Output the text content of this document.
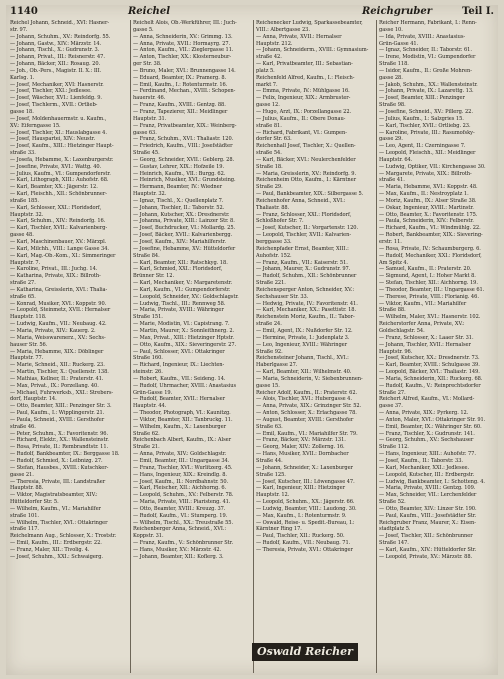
1140	Reichel	Reichgruber	Teil I.

Reichel Johann, Schneid., XVI: Hasner-

str. 97.

— Johann, Schuhm., XV.: Reindorfg. 55.

— Johann, Gastw., XIV.: Märzstr. 14.

— Johann, Tischl., X.: Gudrunstr. 3.

— Johann, Privat., III.: Reisnerstr. 47.

— Johann, Bäcker, XII.: Rosaug. 20.

— Joh., Ob.-Pers., Magistr. II. X.: III.

Karlsg. 1.

— Josef, Mechaniker, XVI: Hasnerstr.

— Josef, Tischler, XXI.: Jedlesee.

— Josef, Wäscher, XVI.: Lienfeldg. 9.

— Josef, Tischlerm., XVII.: Ortlieb-

gasse 18.

— Josef, Moldenhauermstr. u. Kaufm.,

XV.: Eiferngasse 15.

— Josef, Tischler, XI.: Hauslabgasse 4.

— Josef, Hauspartei, XIV.: Neustr.

— Josef, Kaufm., XIII.: Hietzinger Haupt-

straße 33.

— Josefa, Hebamme, X.: Laxenburgerstr.

— Josefine, Private, XVI.: Wattg. 40.

— Julius, Kaufm., VI.: Gumpendorferstr.

— Karl, Lithograph, XIII.: Auhofstr. 68.

— Karl, Beamter, XX.: Jägerstr. 12.

— Karl, Fleischh., XII.: Schönbrunner-

straße 185.

— Karl, Schlosser, XXI.: Floridsdorf,

Hauptstr. 32.

— Karl, Schuhm., XIV.: Reindorfg. 16.

— Karl, Tischler, XVII.: Kalvarienberg-

gasse 48.

— Karl, Maschinenbauer, XV.: Märzpl.

— Karl, Milchh., VIII.: Lange Gasse 34.

— Karl, Mag.-Ob.-Kom., XI.: Simmeringer

Hauptstr. 7.

— Karoline, Privat., III.: Juchg. 14.

— Katharina, Private, XIX.: Billroth-

straße 27.

— Katharina, Greisslerin, XVI.: Thalia-

straße 65.

— Konrad, Musiker, XVI.: Koppstr. 90.

— Leopold, Steinmetz, XVII.: Hernalser

Hauptstr. 118.

— Ludwig, Kaufm., VII.: Neubaug. 42.

— Maria, Private, XIV.: Kauerg. 2.

— Maria, Weisswarenerz., XV.: Sechs-

hauser Str. 56.

— Maria, Hebamme, XIX.: Döblinger

Hauptstr. 77.

— Marie, Schneid., XII.: Ruckerg. 23.

— Martin, Tischler, X.: Quellenstr. 138.

— Mathias, Kellner, II.: Praterstr. 41.

— Max, Privat., IX.: Porzellang. 40.

— Michael, Fuhrwerksb., XXI.: Strebers-

dorf, Hauptstr. 14.

— Otto, Beamter, XIII.: Penzinger Str. 3.

— Paul, Kaufm., I.: Wipplingerstr. 21.

— Paula, Schneid., XVIII.: Gersthofer

straße 46.

— Peter, Schuhm., X.: Favoritenstr. 96.

— Richard, Elektr., XX.: Wallensteinstr.

— Rosa, Private, II.: Rembrandtstr. 11.

— Rudolf, Bankbeamter, IX.: Berggasse 18.

— Rudolf, Schmied, X.: Leibnizg. 27.

— Stefan, Hausbes., XVIII.: Kutschker-

gasse 21.

— Theresia, Private, III.: Landstraßer

Hauptstr. 88.

— Viktor, Magistratsbeamter, XIV.:

Hütteldorfer Str. 5.

— Wilhelm, Kaufm., VI.: Mariahilfer

straße 101.

— Wilhelm, Tischler, XVI.: Ottakringer

straße 117.

Reichelmann Aug., Schlosser, X.: Troststr.

— Emil, Kaufm., III.: Erdbergstr. 22.

— Franz, Maler, XII.: Tivolig. 4.

— Josef, Schuhm., XXI.: Schwaigerg.

Reichelt Alois, Ob.-Werkführer, III.: Juch-

gasse 5.

— Anna, Schneiderin, XV.: Grimmg. 13.

— Anna, Private, XVII.: Hormayrg. 27.

— Anton, Kaufm., VII.: Zieglergasse 11.

— Anton, Tischler, XX.: Klosterneubur-

ger Str. 38.

— Bruno, Maler, XVI.: Brunnengasse 14.

— Eduard, Beamter, IX.: Pramerg. 8.

— Emil, Kaufm., I.: Rotenturmstr. 16.

— Ferdinand, Mechan., XVIII.: Schopen-

hauerstr. 46.

— Franz, Kaufm., XVIII.: Gentzg. 88.

— Franz, Tapezierer, XII.: Meidlinger

Hauptstr. 31.

— Franz, Privatbeamter, XIX.: Weinberg-

gasse 63.

— Franz, Schuhm., XVI.: Thaliastr. 120.

— Friedrich, Kaufm., VIII.: Josefstädter

Straße 45.

— Georg, Schneider, XVII.: Geblerg. 28.

— Gustav, Lehrer, XIX.: Hofzeile 19.

— Heinrich, Kaufm., VII.: Burgg. 62.

— Heinrich, Musiker, XVI.: Grundsteing.

— Hermann, Beamter, IV.: Wiedner

Hauptstr. 32.

— Ignaz, Tischl., X.: Quellenplatz 7.

— Johann, Tischler, II.: Taborstr. 52.

— Johann, Kutscher, XX.: Dresdnerstr.

— Johanna, Private, XIII.: Lainzer Str. 8.

— Josef, Buchdrucker, VI.: Mollardg. 25.

— Josef, Bäcker, XVII.: Kalvarienbergg.

— Josef, Kaufm., XIV.: Mariahilferstr.

— Josefine, Hebamme, XV.: Hütteldorfer

Straße 84.

— Karl, Beamter, XII.: Ratschkyg. 18.

— Karl, Schmied, XXI.: Floridsdorf,

Brünner Str. 12.

— Karl, Mechaniker, V.: Margaretenstr.

— Karl, Kaufm., VI.: Gumpendorferstr.

— Leopold, Schneider, XV.: Goldschlagstr.

— Ludwig, Tischl., III.: Rennweg 58.

— Maria, Private, XVIII.: Währinger

Straße 151.

— Marie, Modistin, VI.: Capistrang. 7.

— Martin, Maurer, X.: Sonnleithnerg. 2.

— Max, Privat., XIII.: Hietzinger Hptstr.

— Otto, Kaufm., XIX.: Sieveringerstr. 27.

— Paul, Schlosser, XVI.: Ottakringer

Straße 160.

— Richard, Ingenieur, IX.: Liechten-

steinstr. 26.

— Robert, Kaufm., VII.: Seideng. 14.

— Rudolf, Uhrmacher, XVIII.: Anastasius

Grün-Gasse 19.

— Rudolf, Beamter, XVII.: Hernalser

Hauptstr. 44.

— Theodor, Photograph, VI.: Kaunitzg.

— Viktor, Beamter, XII.: Tanbruckg. 11.

— Wilhelm, Kaufm., X.: Laxenburger

Straße 62.

Reichenbach Albert, Kaufm., IX.: Alser

Straße 21.

— Anna, Private, XIV.: Goldschlagstr.

— Emil, Beamter, III.: Ungargasse 34.

— Franz, Tischler, XVI.: Wurlitzerg. 45.

— Hans, Ingenieur, XIX.: Kreindlg. 8.

— Josef, Kaufm., II.: Nordbahnstr. 50.

— Karl, Fleischer, XII.: Aichhorng. 6.

— Leopold, Schuhm., XV.: Felberstr. 78.

— Maria, Private, VIII.: Piaristeng. 41.

— Otto, Beamter, XVIII.: Kreuzg. 37.

— Rudolf, Kaufm., VI.: Stumperg. 19.

— Wilhelm, Tischl., XX.: Treustraße 55.

Reichenberger Anna, Schneid., XVI.:

Koppstr. 31.

— Franz, Kaufm., V.: Schönbrunner Str.

— Hans, Musiker, XV.: Märzstr. 42.

— Johann, Beamter, XII.: Koflerg. 3.

Reichenecker Ludwig, Sparkassebeamter,

VIII.: Albertgasse 23.

— Anna, Private, XVII.: Hernalser

Hauptstr. 212.

— Johann, Schneiderm., XVIII.: Gymnasium-

straße 42.

— Karl, Privatbeamter, III.: Sebastian-

platz 5.

Reichenfeld Alfred, Kaufm., I.: Fleisch-

markt 7.

— Emma, Private, IV.: Mühlgasse 16.

— Felix, Ingenieur, XIX.: Armbruster-

gasse 12.

— Hugo, Arzt, IX.: Porzellangasse 22.

— Julius, Kaufm., II.: Obere Donau-

straße 81.

— Richard, Fabrikant, VI.: Gumpen-

dorfer Str. 63.

Reichenhall Josef, Tischler, X.: Quellen-

straße 54.

— Karl, Bäcker, XVI.: Neulerchenfelder

Straße 18.

— Maria, Greisslerin, XV.: Reindorfg. 9.

Reichenheim Otto, Kaufm., I.: Kärntner

Straße 29.

— Paul, Bankbeamter, XIX.: Silbergasse 5.

Reichenhofer Anna, Schneid., XVI.:

Thaliastr. 88.

— Franz, Schlosser, XXI.: Floridsdorf,

Schloßhofer Str. 7.

— Josef, Kutscher, II.: Vorgartenstr. 120.

— Leopold, Tischler, XVII.: Kalvarien-

berggasse 33.

Reichenpfader Ernst, Beamter, XIII.:

Auhofstr. 152.

— Franz, Kaufm., VII.: Kaiserstr. 51.

— Johann, Maurer, X.: Gudrunstr. 97.

— Rudolf, Schuhm., XII.: Schönbrunner

Straße 221.

Reichensperger Anton, Schneider, XV.:

Sechshauser Str. 33.

— Hedwig, Private, IV.: Favoritenstr. 41.

— Karl, Mechaniker, XX.: Pasettistr. 18.

Reichenstein Moriz, Kaufm., II.: Tabor-

straße 24.

— Emil, Agent, IX.: Nußdorfer Str. 12.

— Hermine, Private, I.: Judenplatz 3.

— Leo, Ingenieur, XVIII.: Währinger

Straße 92.

Reichensteiner Johann, Tischl., XVI.:

Haberlgasse 27.

— Karl, Beamter, XII.: Wilhelmstr. 40.

— Maria, Schneiderin, V.: Siebenbrunnen-

gasse 15.

Reicher Adolf, Kaufm., II.: Praterstr. 62.

— Alois, Tischler, XVI.: Hubergasse 4.

— Anna, Private, XIX.: Grinzinger Str. 52.

— Anton, Schlosser, X.: Erlachgasse 78.

— August, Beamter, XVIII.: Gersthofer

Straße 63.

— Emil, Kaufm., VI.: Mariahilfer Str. 79.

— Franz, Bäcker, XV.: Märzstr. 131.

— Georg, Maler, XIV.: Zollerng. 16.

— Hans, Musiker, XVII.: Dornbacher

Straße 44.

— Johann, Schneider, X.: Laxenburger

Straße 125.

— Josef, Kutscher, III.: Löwengasse 47.

— Karl, Ingenieur, XIII.: Hietzinger

Hauptstr. 12.

— Leopold, Schuhm., XX.: Jägerstr. 66.

— Ludwig, Beamter, VIII.: Laudong. 30.

— Max, Kaufm., I.: Rotenturmstr. 9.

— Oswald, Reise- u. Spedit.-Bureau, I.:

Kärntner Ring 17.

— Paul, Tischler, XII.: Ruckerg. 50.

— Rudolf, Kaufm., VII.: Neubaug. 71.

— Theresia, Private, XVI.: Ottakringer

Reicher Hermann, Fabrikant, I.: Renn-

gasse 10.

— Ida, Private, XVIII.: Anastasius-

Grün-Gasse 41.

— Ignaz, Schneider, II.: Taborstr. 61.

— Irene, Modistin, VI.: Gumpendorfer

Straße 118.

— Isidor, Kaufm., II.: Große Mohren-

gasse 28.

— Jakob, Schuhm., XX.: Wallensteinstr.

— Johann, Private, IX.: Lazarettg. 13.

— Josef, Beamter, XIII.: Penzinger

Straße 98.

— Josefine, Schneid., XV.: Pillerg. 22.

— Julius, Kaufm., I.: Salzgries 15.

— Karl, Tischler, XVII.: Ortliebg. 23.

— Karoline, Private, III.: Rasumofsky-

gasse 29.

— Leo, Agent, II.: Czerningasse 7.

— Leopold, Fleischh., XII.: Meidlinger

Hauptstr. 64.

— Ludwig, Optiker, VII.: Kirchengasse 30.

— Margarete, Private, XIX.: Billroth-

straße 41.

— Maria, Hebamme, XVI.: Koppstr. 48.

— Max, Kaufm., II.: Nestroyplatz 1.

— Moriz, Kaufm., IX.: Alser Straße 38.

— Oskar, Ingenieur, XVIII.: Martinstr.

— Otto, Beamter, X.: Favoritenstr. 175.

— Paula, Schneiderin, XIV.: Felberstr.

— Richard, Kaufm., VI.: Windmühlg. 22.

— Robert, Bankbeamter, XIX.: Sievering-

erstr. 11.

— Rosa, Private, IV.: Schaumburgerg. 6.

— Rudolf, Mechaniker, XXI.: Floridsdorf,

Am Spitz 4.

— Samuel, Kaufm., II.: Praterstr. 20.

— Sigmund, Agent, I.: Hoher Markt 8.

— Stefan, Tischler, XII.: Aichhorng. 19.

— Theodor, Beamter, III.: Ungargasse 61.

— Therese, Private, VIII.: Florianig. 46.

— Viktor, Kaufm., VII.: Mariahilfer

Straße 88.

— Wilhelm, Maler, XVI.: Hasnerstr. 102.

Reicherstorfer Anna, Private, XV.:

Goldschlagstr. 54.

— Franz, Schlosser, X.: Laaer Str. 31.

— Johann, Tischler, XVII.: Hernalser

Hauptstr. 96.

— Josef, Kutscher, XX.: Dresdnerstr. 73.

— Karl, Beamter, XVIII.: Schulgasse 39.

— Leopold, Bäcker, XVI.: Thaliastr. 149.

— Maria, Schneiderin, XII.: Ruckerg. 68.

— Rudolf, Kaufm., V.: Reinprechtsdorfer

Straße 27.

Reichert Alfred, Kaufm., VI.: Mollard-

gasse 37.

— Anna, Private, XIX.: Pyrkerg. 12.

— Anton, Maler, XVI.: Ottakringer Str. 91.

— Emil, Beamter, IX.: Währinger Str. 60.

— Franz, Tischler, X.: Gudrunstr. 141.

— Georg, Schuhm., XV.: Sechshauser

Straße 112.

— Hans, Ingenieur, XIII.: Auhofstr. 77.

— Josef, Kaufm., II.: Taborstr. 33.

— Karl, Mechaniker, XXI.: Jedlesee.

— Leopold, Kutscher, III.: Erdbergstr.

— Ludwig, Bankbeamter, I.: Schotteng. 4.

— Maria, Private, XVIII.: Gentzg. 109.

— Max, Schneider, VII.: Lerchenfelder

Straße 52.

— Otto, Beamter, XIV.: Linzer Str. 190.

— Paul, Kaufm., VIII.: Josefstädter Str.

Reichgruber Franz, Maurer, X.: Eisen-

stadtplatz 5.

— Josef, Tischler, XII.: Schönbrunner

Straße 147.

— Karl, Kaufm., XIV.: Hütteldorfer Str.

— Leopold, Private, XV.: Märzstr. 88.

Oswald Reicher
